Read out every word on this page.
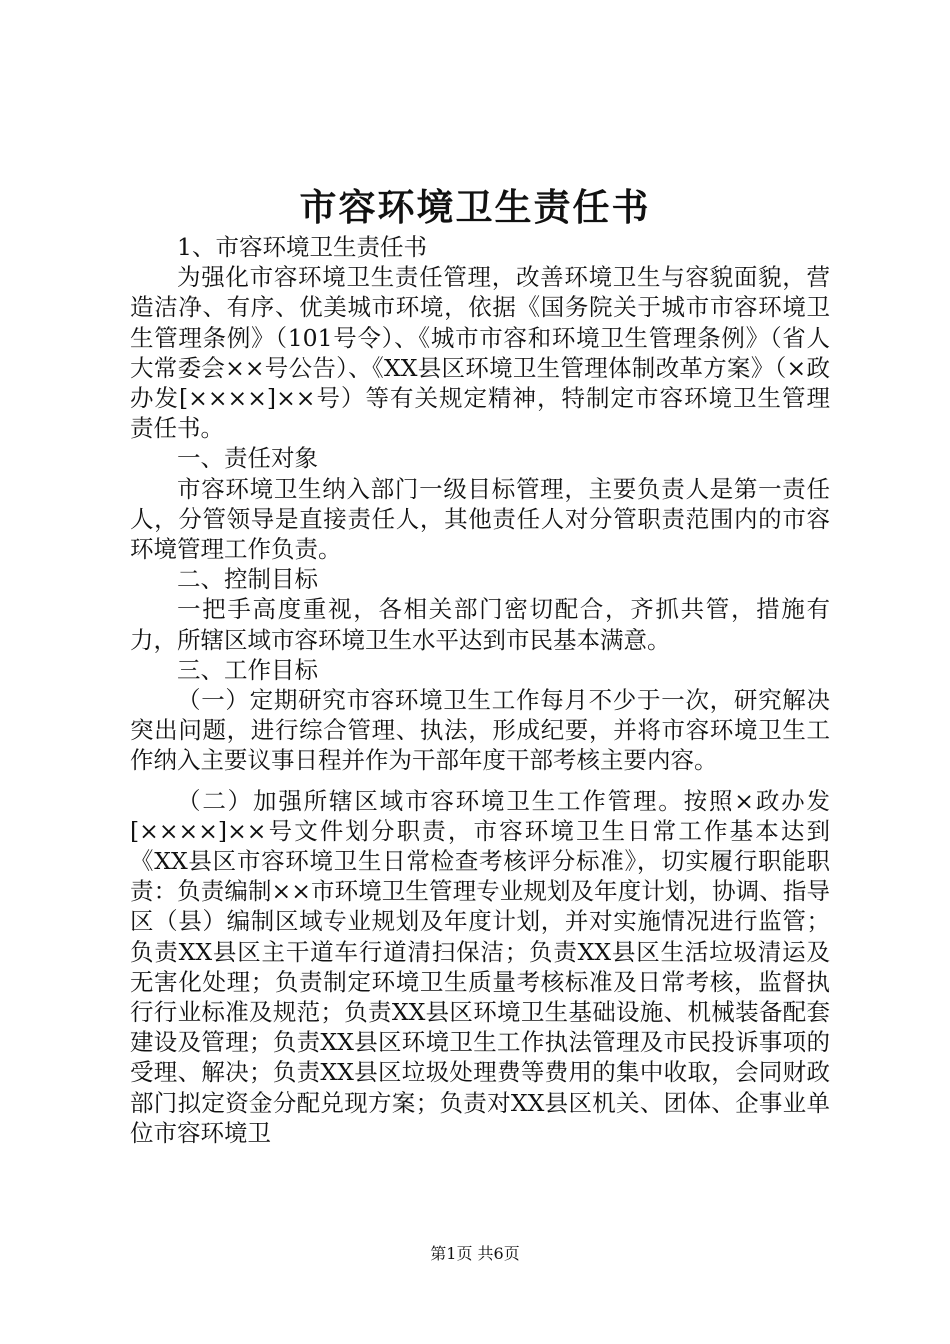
市容环境卫生责任书

1、市容环境卫生责任书

为强化市容环境卫生责任管理，改善环境卫生与容貌面貌，营造洁净、有序、优美城市环境，依据《国务院关于城市市容环境卫生管理条例》（101号令）、《城市市容和环境卫生管理条例》（省人大常委会××号公告）、《XX县区环境卫生管理体制改革方案》（×政办发[××××]××号）等有关规定精神，特制定市容环境卫生管理责任书。

一、责任对象

市容环境卫生纳入部门一级目标管理，主要负责人是第一责任人，分管领导是直接责任人，其他责任人对分管职责范围内的市容环境管理工作负责。

二、控制目标

一把手高度重视，各相关部门密切配合，齐抓共管，措施有力，所辖区域市容环境卫生水平达到市民基本满意。

三、工作目标

（一）定期研究市容环境卫生工作每月不少于一次，研究解决突出问题，进行综合管理、执法，形成纪要，并将市容环境卫生工作纳入主要议事日程并作为干部年度干部考核主要内容。

（二）加强所辖区域市容环境卫生工作管理。按照×政办发[××××]××号文件划分职责，市容环境卫生日常工作基本达到《XX县区市容环境卫生日常检查考核评分标准》，切实履行职能职责：负责编制××市环境卫生管理专业规划及年度计划，协调、指导区（县）编制区域专业规划及年度计划，并对实施情况进行监管；负责XX县区主干道车行道清扫保洁；负责XX县区生活垃圾清运及无害化处理；负责制定环境卫生质量考核标准及日常考核，监督执行行业标准及规范；负责XX县区环境卫生基础设施、机械装备配套建设及管理；负责XX县区环境卫生工作执法管理及市民投诉事项的受理、解决；负责XX县区垃圾处理费等费用的集中收取，会同财政部门拟定资金分配兑现方案；负责对XX县区机关、团体、企事业单位市容环境卫

第1页 共6页
